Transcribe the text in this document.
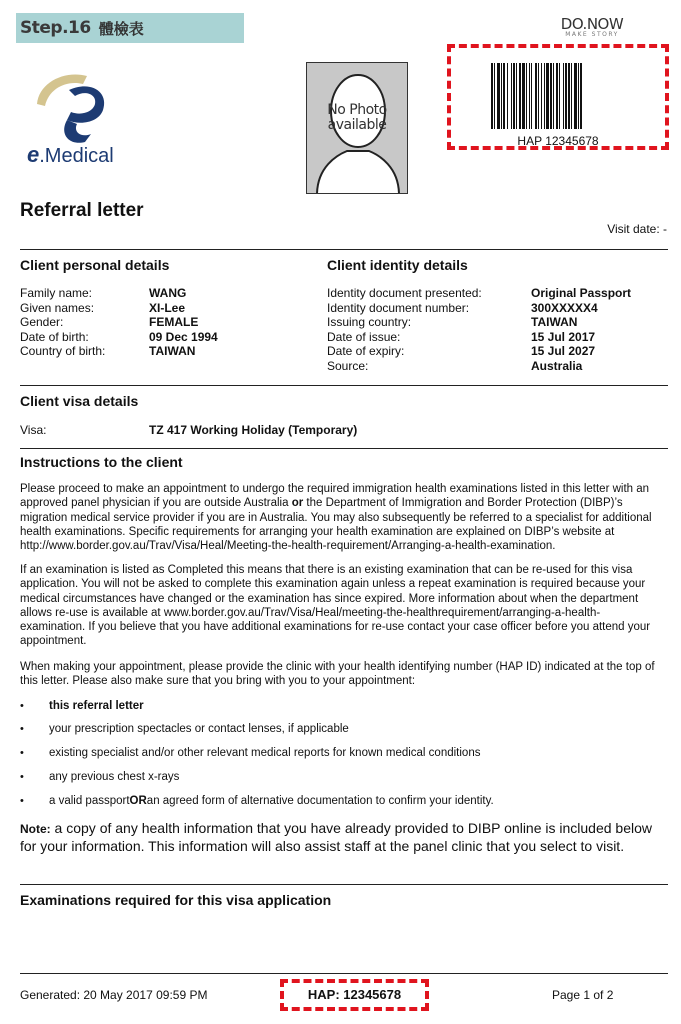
Step.16 體檢表	DO.NOW
MAKE STORY
e.Medical
No Photo
available
HAP 12345678
Referral letter
Visit date: -
Client personal details	Client identity details
Family name:	WANG
Given names:	XI-Lee
Gender:	FEMALE
Date of birth:	09 Dec 1994
Country of birth:	TAIWAN
Identity document presented:	Original Passport
Identity document number:	300XXXXX4
Issuing country:	TAIWAN
Date of issue:	15 Jul 2017
Date of expiry:	15 Jul 2027
Source:	Australia
Client visa details
Visa:	TZ 417 Working Holiday (Temporary)
Instructions to the client
Please proceed to make an appointment to undergo the required immigration health examinations listed in this letter with an approved panel physician if you are outside Australia or the Department of Immigration and Border Protection (DIBP)’s migration medical service provider if you are in Australia. You may also subsequently be referred to a specialist for additional health examinations. Specific requirements for arranging your health examination are explained on DIBP’s website at http://www.border.gov.au/Trav/Visa/Heal/Meeting-the-health-requirement/Arranging-a-health-examination.
If an examination is listed as Completed this means that there is an existing examination that can be re-used for this visa application. You will not be asked to complete this examination again unless a repeat examination is required because your medical circumstances have changed or the examination has since expired. More information about when the department allows re-use is available at www.border.gov.au/Trav/Visa/Heal/meeting-the-healthrequirement/arranging-a-health-examination. If you believe that you have additional examinations for re-use contact your case officer before you attend your appointment.
When making your appointment, please provide the clinic with your health identifying number (HAP ID) indicated at the top of this letter. Please also make sure that you bring with you to your appointment:
•	this referral letter
•	your prescription spectacles or contact lenses, if applicable
•	existing specialist and/or other relevant medical reports for known medical conditions
•	any previous chest x-rays
•	a valid passport OR an agreed form of alternative documentation to confirm your identity.
Note: a copy of any health information that you have already provided to DIBP online is included below for your information. This information will also assist staff at the panel clinic that you select to visit.
Examinations required for this visa application
Generated: 20 May 2017 09:59 PM	HAP: 12345678	Page 1 of 2
